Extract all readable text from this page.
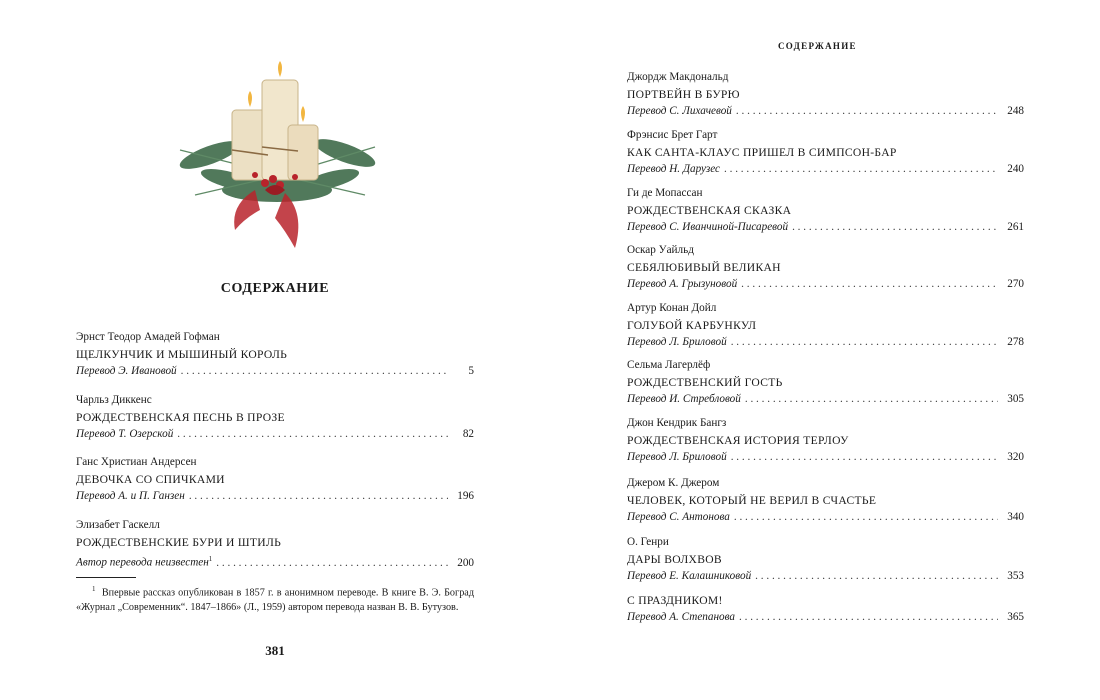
СОДЕРЖАНИЕ
Эрнст Теодор Амадей Гофман
ЩЕЛКУНЧИК И МЫШИНЫЙ КОРОЛЬ
Перевод Э. Ивановой . . .	5
Чарльз Диккенс
РОЖДЕСТВЕНСКАЯ ПЕСНЬ В ПРОЗЕ
Перевод Т. Озерской . . .	82
Ганс Христиан Андерсен
ДЕВОЧКА СО СПИЧКАМИ
Перевод А. и П. Ганзен . . .	196
Элизабет Гаскелл
РОЖДЕСТВЕНСКИЕ БУРИ И ШТИЛЬ
Автор перевода неизвестен$^1$ . . .	200
$^1$ Впервые рассказ опубликован в 1857 г. в анонимном переводе. В книге В. Э. Боград «Журнал „Современник“. 1847–1866» (Л., 1959) автором перевода назван В. В. Бутузов.
381
СОДЕРЖАНИЕ
Джордж Макдональд
ПОРТВЕЙН В БУРЮ
Перевод С. Лихачевой . . .	248
Фрэнсис Брет Гарт
КАК САНТА-КЛАУС ПРИШЕЛ В СИМПСОН-БАР
Перевод Н. Дарузес . . .	240
Ги де Мопассан
РОЖДЕСТВЕНСКАЯ СКАЗКА
Перевод С. Иванчиной-Писаревой . . .	261
Оскар Уайльд
СЕБЯЛЮБИВЫЙ ВЕЛИКАН
Перевод А. Грызуновой . . .	270
Артур Конан Дойл
ГОЛУБОЙ КАРБУНКУЛ
Перевод Л. Бриловой . . .	278
Сельма Лагерлёф
РОЖДЕСТВЕНСКИЙ ГОСТЬ
Перевод И. Стребловой . . .	305
Джон Кендрик Бангз
РОЖДЕСТВЕНСКАЯ ИСТОРИЯ ТЕРЛОУ
Перевод Л. Бриловой . . .	320
Джером К. Джером
ЧЕЛОВЕК, КОТОРЫЙ НЕ ВЕРИЛ В СЧАСТЬЕ
Перевод С. Антонова . . .	340
О. Генри
ДАРЫ ВОЛХВОВ
Перевод Е. Калашниковой . . .	353
С ПРАЗДНИКОМ!
Перевод А. Степанова . . .	365
